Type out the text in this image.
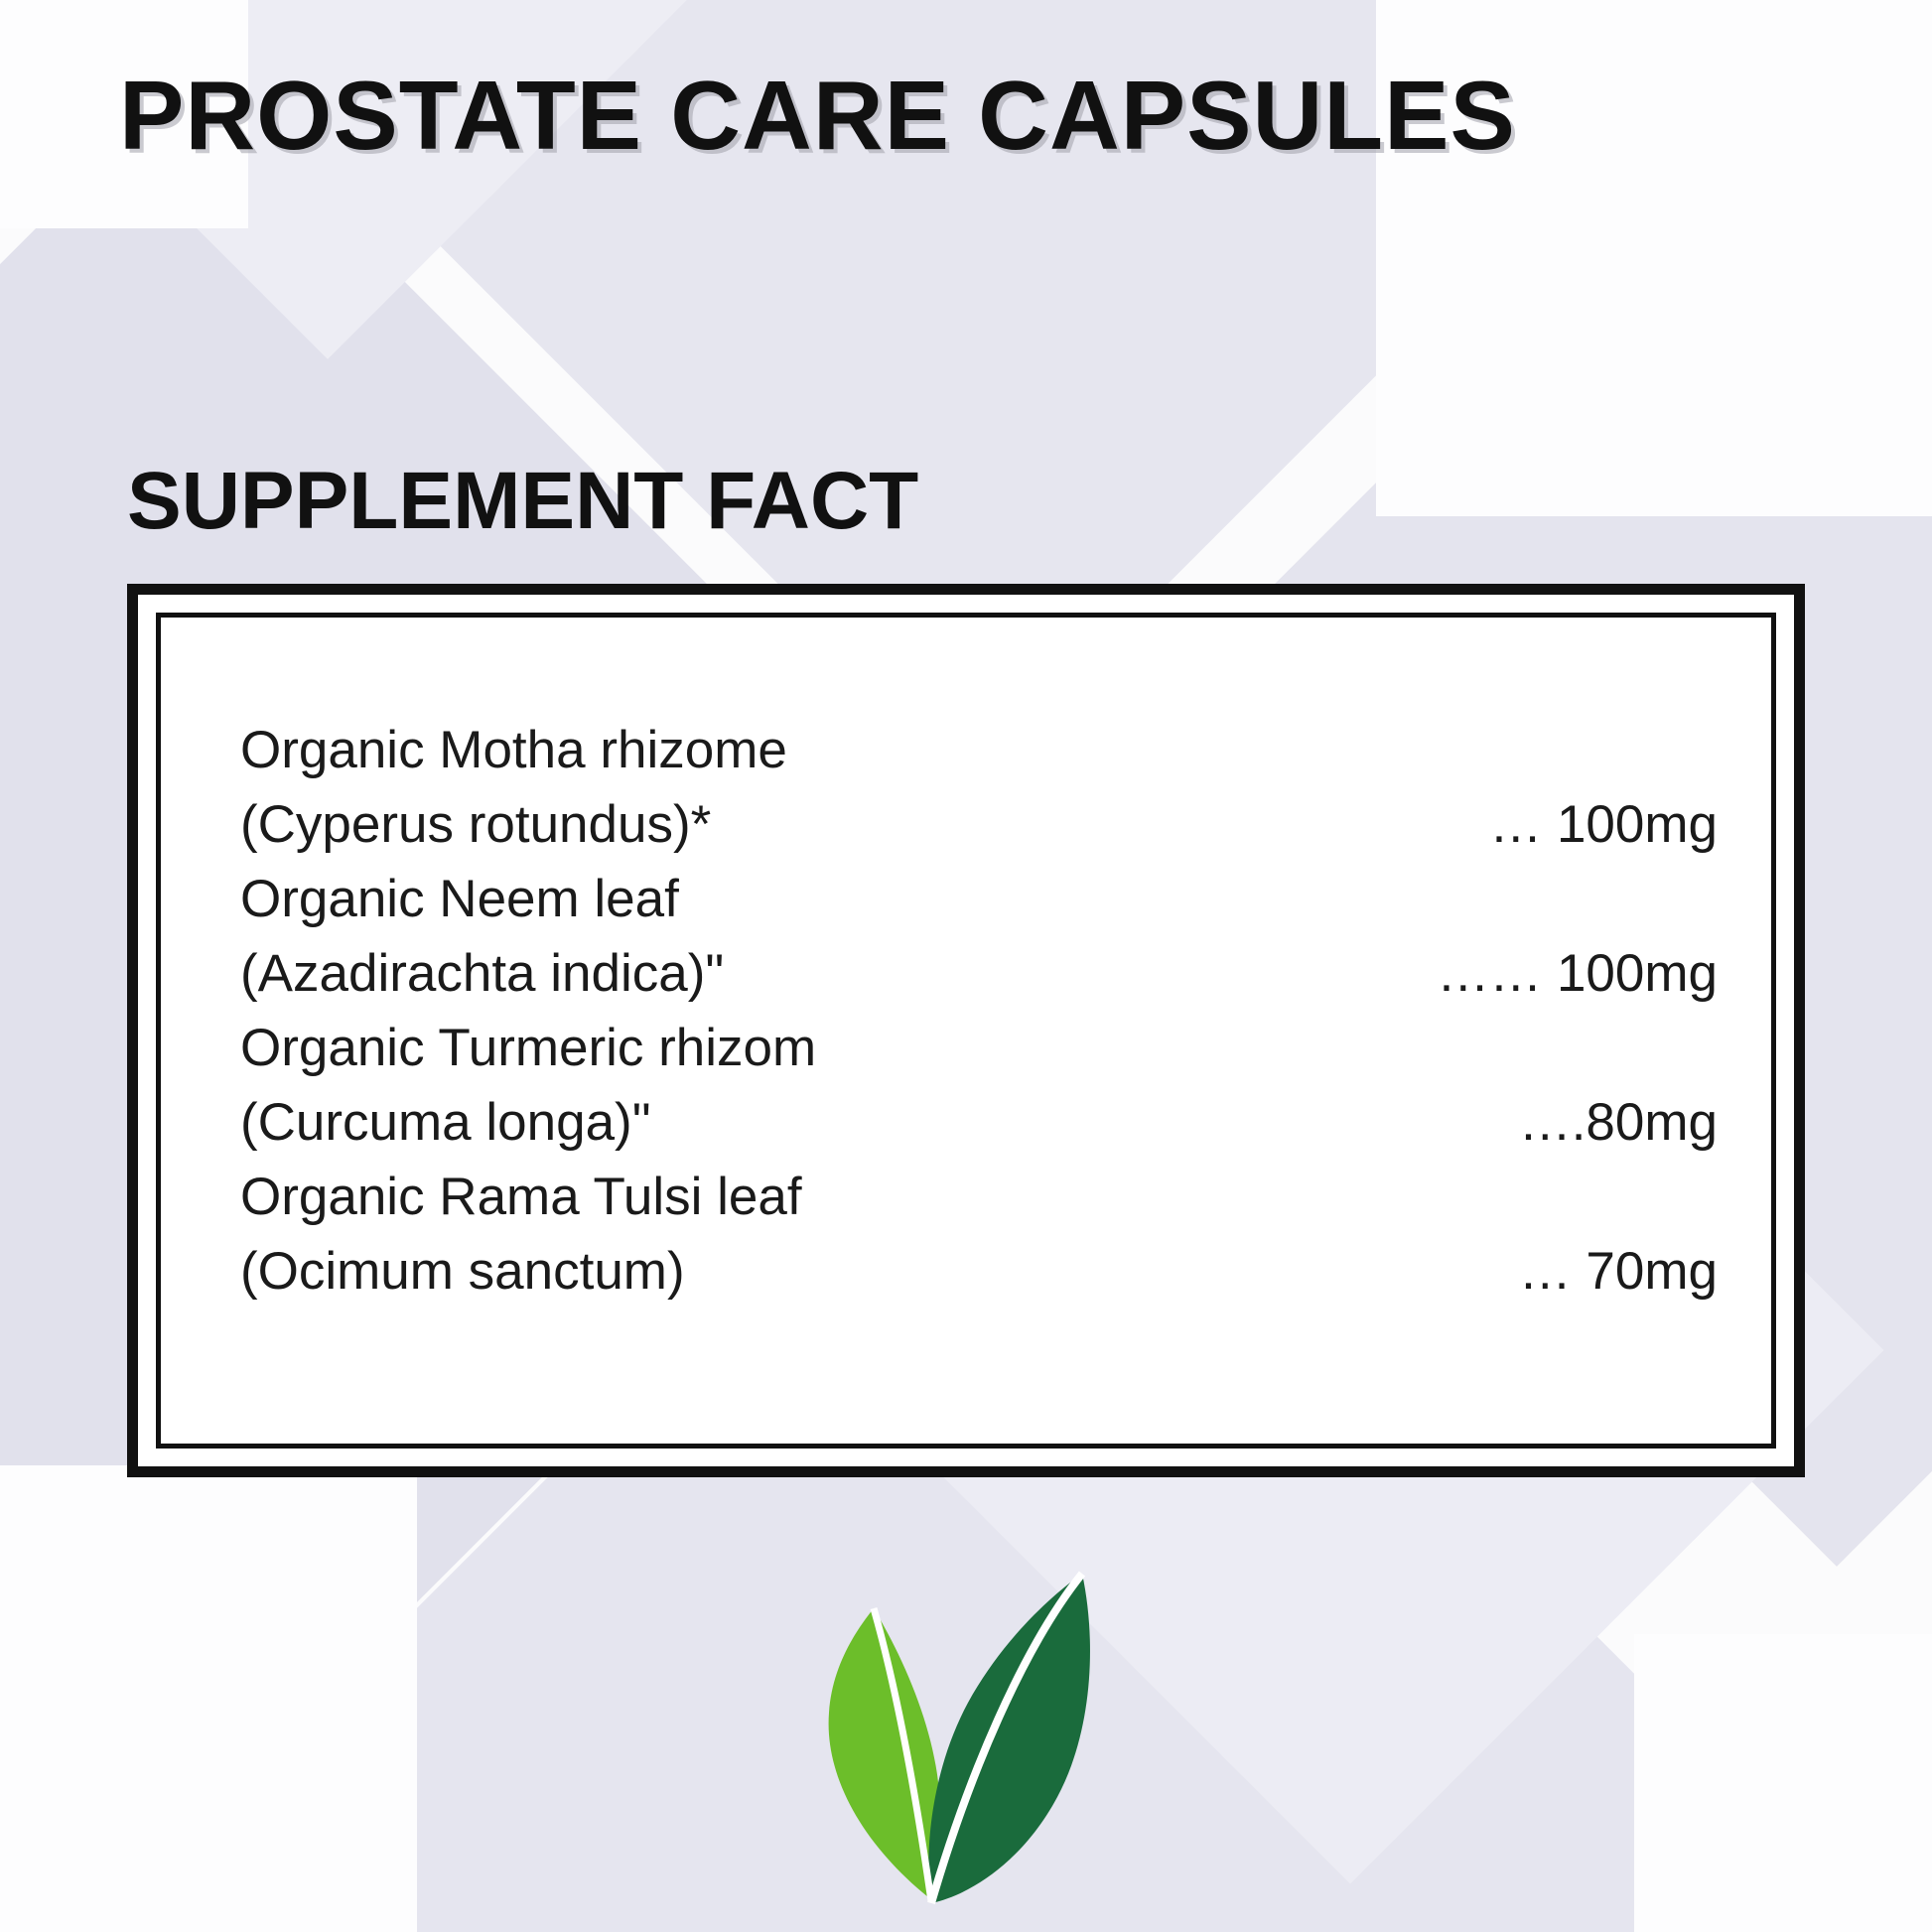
PROSTATE CARE CAPSULES
SUPPLEMENT FACT
Organic Motha rhizome
(Cyperus rotundus)*	… 100mg
Organic Neem leaf
(Azadirachta indica)"	…… 100mg
Organic Turmeric rhizom
(Curcuma longa)"	….80mg
Organic Rama Tulsi leaf
(Ocimum sanctum)	… 70mg
